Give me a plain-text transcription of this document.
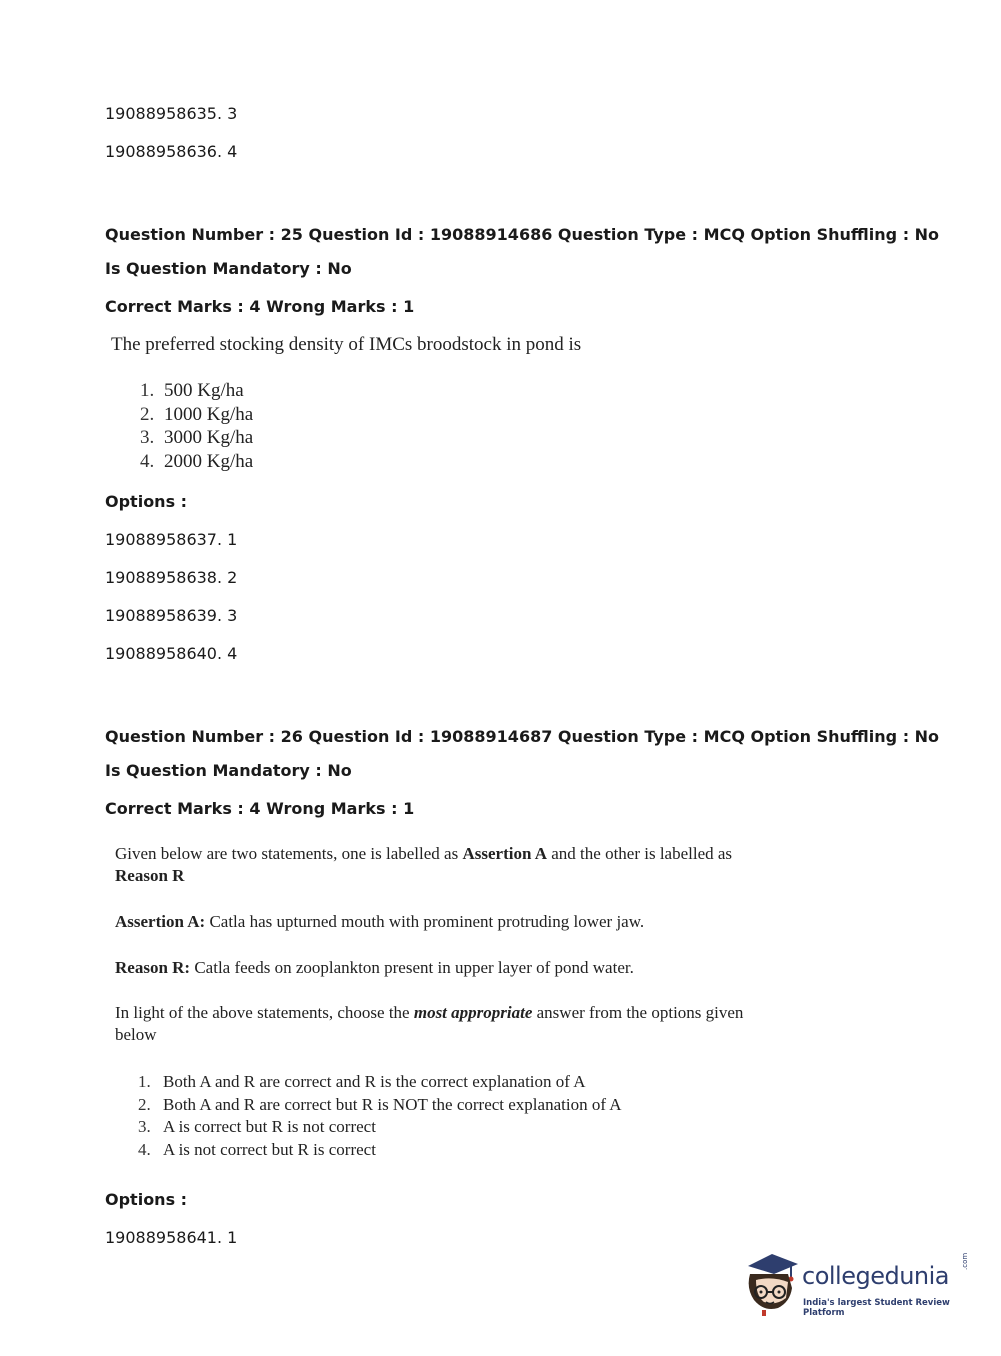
19088958635. 3
19088958636. 4
Question Number : 25 Question Id : 19088914686 Question Type : MCQ Option Shuffling : No
Is Question Mandatory : No
Correct Marks : 4 Wrong Marks : 1
The preferred stocking density of IMCs broodstock in pond is
1. 500 Kg/ha
2. 1000 Kg/ha
3. 3000 Kg/ha
4. 2000 Kg/ha
Options :
19088958637. 1
19088958638. 2
19088958639. 3
19088958640. 4
Question Number : 26 Question Id : 19088914687 Question Type : MCQ Option Shuffling : No
Is Question Mandatory : No
Correct Marks : 4 Wrong Marks : 1
Given below are two statements, one is labelled as Assertion A and the other is labelled as
Reason R
Assertion A: Catla has upturned mouth with prominent protruding lower jaw.
Reason R: Catla feeds on zooplankton present in upper layer of pond water.
In light of the above statements, choose the most appropriate answer from the options given
below
1. Both A and R are correct and R is the correct explanation of A
2. Both A and R are correct but R is NOT the correct explanation of A
3. A is correct but R is not correct
4. A is not correct but R is correct
Options :
19088958641. 1
collegedunia
.com
India's largest Student Review Platform
